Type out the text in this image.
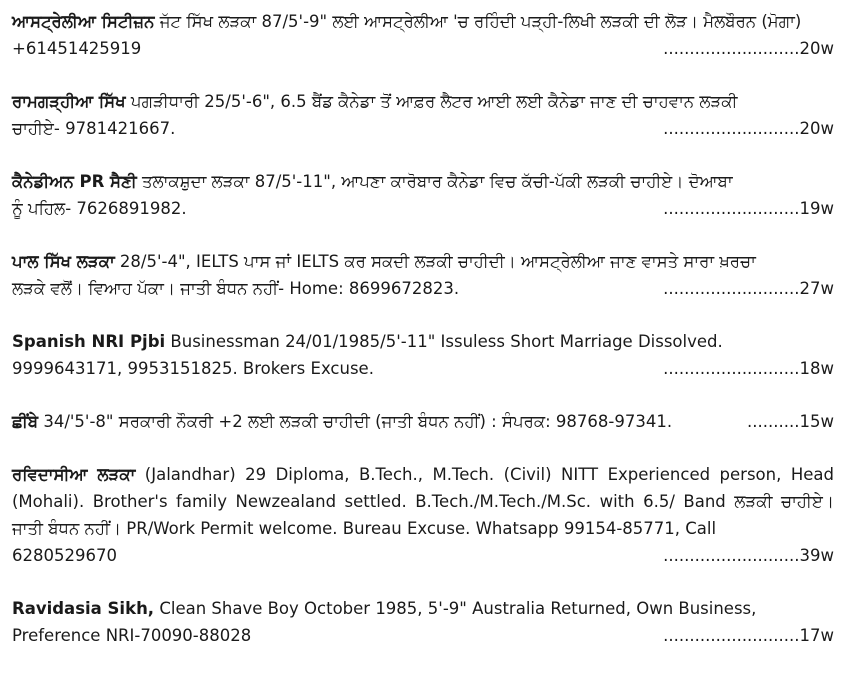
ਆਸਟ੍ਰੇਲੀਆ ਸਿਟੀਜ਼ਨ ਜੱਟ ਸਿੱਖ ਲੜਕਾ 87/5'-9" ਲਈ ਆਸਟ੍ਰੇਲੀਆ 'ਚ ਰਹਿੰਦੀ ਪੜ੍ਹੀ-ਲਿਖੀ ਲੜਕੀ ਦੀ ਲੋੜ। ਮੈਲਬੌਰਨ (ਮੋਗਾ)
+61451425919	..........................20w
ਰਾਮਗੜ੍ਹੀਆ ਸਿੱਖ ਪਗੜੀਧਾਰੀ 25/5'-6", 6.5 ਬੈਂਡ ਕੈਨੇਡਾ ਤੋਂ ਆਫ਼ਰ ਲੈਟਰ ਆਈ ਲਈ ਕੈਨੇਡਾ ਜਾਣ ਦੀ ਚਾਹਵਾਨ ਲੜਕੀ
ਚਾਹੀਏ- 9781421667.	..........................20w
ਕੈਨੇਡੀਅਨ PR ਸੈਣੀ ਤਲਾਕਸ਼ੁਦਾ ਲੜਕਾ 87/5'-11", ਆਪਣਾ ਕਾਰੋਬਾਰ ਕੈਨੇਡਾ ਵਿਚ ਕੱਚੀ-ਪੱਕੀ ਲੜਕੀ ਚਾਹੀਏ। ਦੋਆਬਾ
ਨੂੰ ਪਹਿਲ- 7626891982.	..........................19w
ਪਾਲ ਸਿੱਖ ਲੜਕਾ 28/5'-4", IELTS ਪਾਸ ਜਾਂ IELTS ਕਰ ਸਕਦੀ ਲੜਕੀ ਚਾਹੀਦੀ। ਆਸਟ੍ਰੇਲੀਆ ਜਾਣ ਵਾਸਤੇ ਸਾਰਾ ਖ਼ਰਚਾ
ਲੜਕੇ ਵਲੋਂ। ਵਿਆਹ ਪੱਕਾ। ਜਾਤੀ ਬੰਧਨ ਨਹੀਂ- Home: 8699672823.	..........................27w
Spanish NRI Pjbi Businessman 24/01/1985/5'-11" Issuless Short Marriage Dissolved.
9999643171, 9953151825. Brokers Excuse.	..........................18w
ਛੀਂਬੇ 34/'5'-8" ਸਰਕਾਰੀ ਨੌਕਰੀ +2 ਲਈ ਲੜਕੀ ਚਾਹੀਦੀ (ਜਾਤੀ ਬੰਧਨ ਨਹੀਂ) : ਸੰਪਰਕ: 98768-97341.	..........15w
ਰਵਿਦਾਸੀਆ ਲੜਕਾ (Jalandhar) 29 Diploma, B.Tech., M.Tech. (Civil) NITT Experienced person, Head (Mohali). Brother's family Newzealand settled. B.Tech./M.Tech./M.Sc. with 6.5/ Band ਲੜਕੀ ਚਾਹੀਏ। ਜਾਤੀ ਬੰਧਨ ਨਹੀਂ। PR/Work Permit welcome. Bureau Excuse. Whatsapp 99154-85771, Call
6280529670	..........................39w
Ravidasia Sikh, Clean Shave Boy October 1985, 5'-9" Australia Returned, Own Business,
Preference NRI-70090-88028	..........................17w
